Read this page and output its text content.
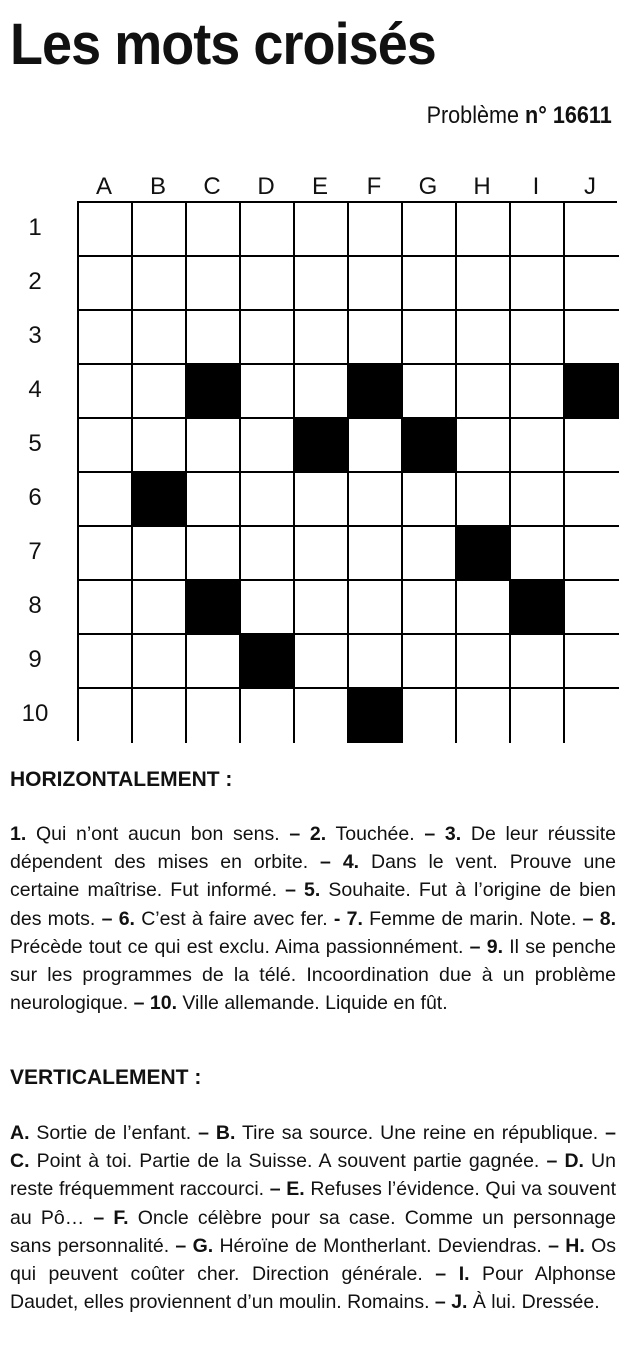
Les mots croisés
Problème n° 16611
A	B	C	D	E	F	G	H	I	J
1
2
3
4
5
6
7
8
9
10
HORIZONTALEMENT :

1. Qui n’ont aucun bon sens. – 2. Touchée. – 3. De leur réussite dépendent des mises en orbite. – 4. Dans le vent. Prouve une certaine maîtrise. Fut informé. – 5. Souhaite. Fut à l’origine de bien des mots. – 6. C’est à faire avec fer. - 7. Femme de marin. Note. – 8. Précède tout ce qui est exclu. Aima passionnément. – 9. Il se penche sur les programmes de la télé. Incoordination due à un problème neurologique. – 10. Ville allemande. Liquide en fût.

VERTICALEMENT :

A. Sortie de l’enfant. – B. Tire sa source. Une reine en république. – C. Point à toi. Partie de la Suisse. A souvent partie gagnée. – D. Un reste fréquemment raccourci. – E. Refuses l’évidence. Qui va souvent au Pô… – F. Oncle célèbre pour sa case. Comme un personnage sans personnalité. – G. Héroïne de Montherlant. Deviendras. – H. Os qui peuvent coûter cher. Direction générale. – I. Pour Alphonse Daudet, elles proviennent d’un moulin. Romains. – J. À lui. Dressée.
